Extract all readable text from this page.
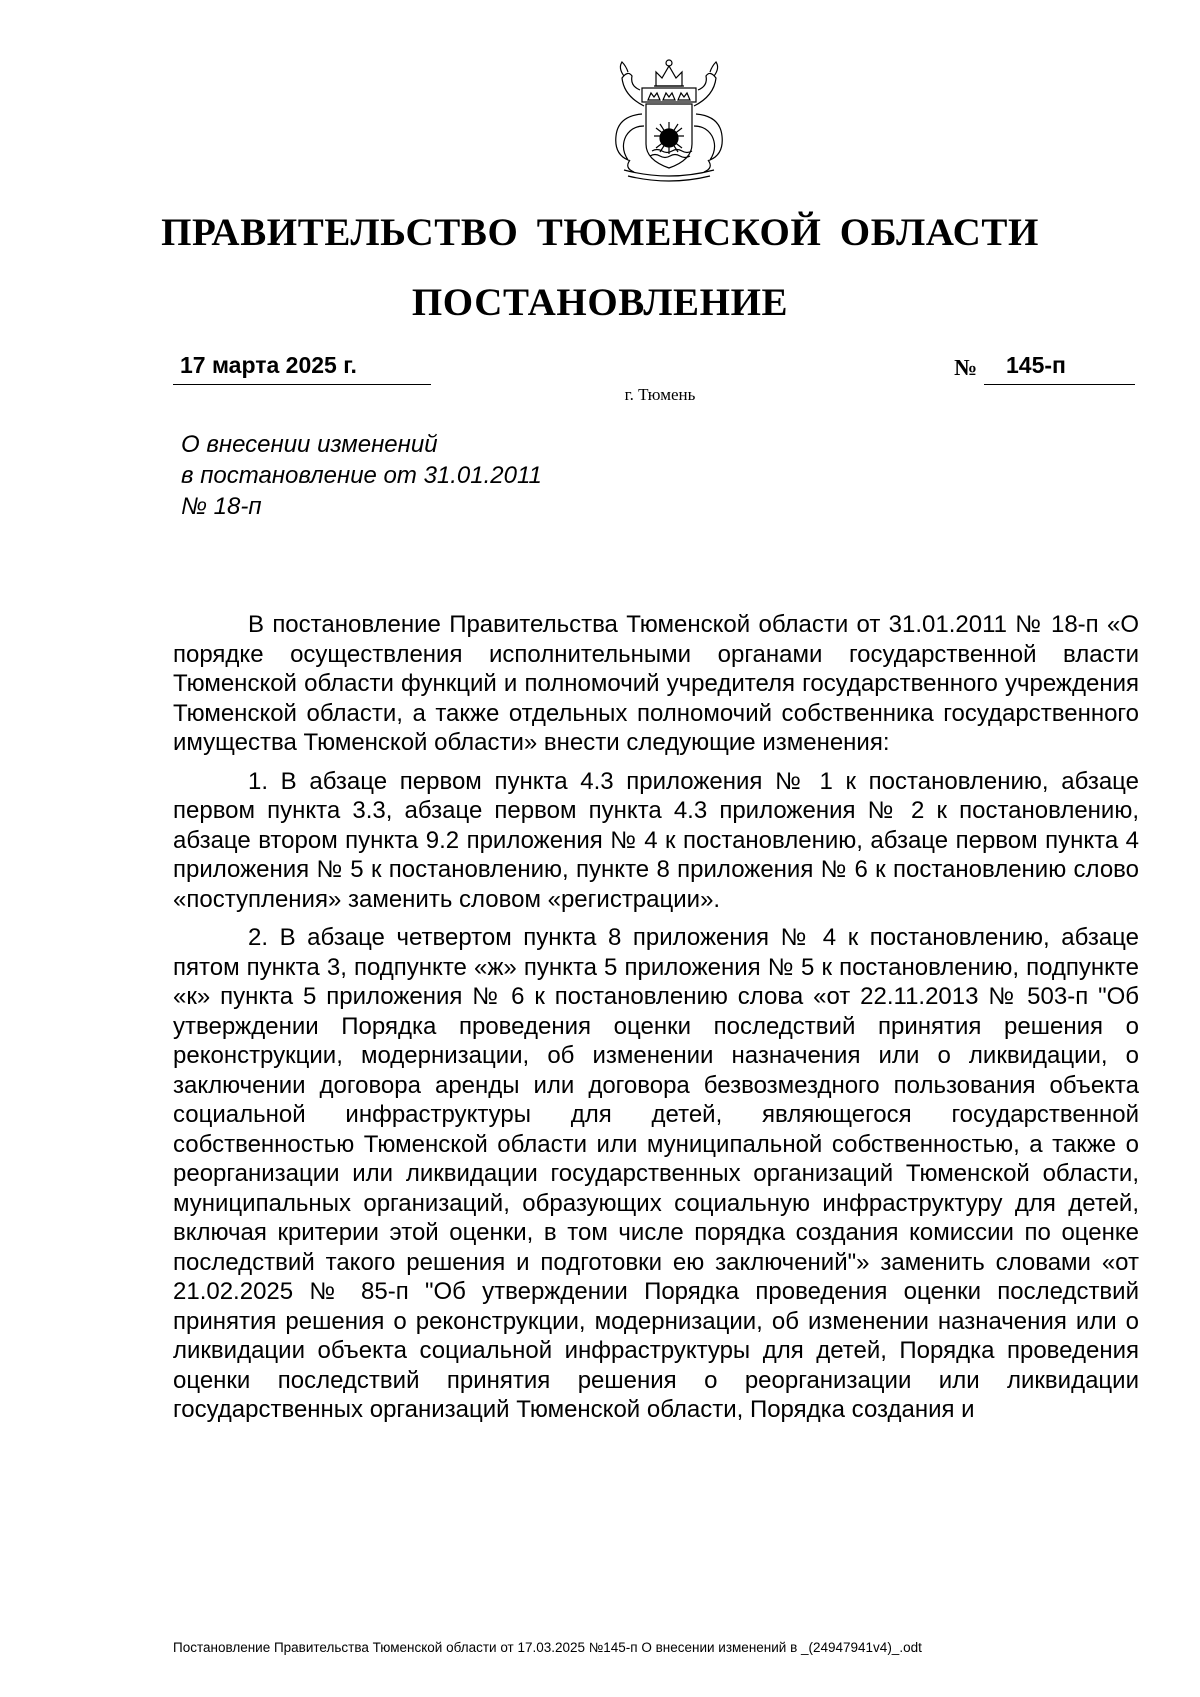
ПРАВИТЕЛЬСТВО ТЮМЕНСКОЙ ОБЛАСТИ
ПОСТАНОВЛЕНИЕ
17 марта 2025 г.	№ 145-п
г. Тюмень
О внесении изменений
в постановление от 31.01.2011
№ 18-п

В постановление Правительства Тюменской области от 31.01.2011 № 18-п «О порядке осуществления исполнительными органами государственной власти Тюменской области функций и полномочий учредителя государственного учреждения Тюменской области, а также отдельных полномочий собственника государственного имущества Тюменской области» внести следующие изменения:

1. В абзаце первом пункта 4.3 приложения № 1 к постановлению, абзаце первом пункта 3.3, абзаце первом пункта 4.3 приложения № 2 к постановлению, абзаце втором пункта 9.2 приложения № 4 к постановлению, абзаце первом пункта 4 приложения № 5 к постановлению, пункте 8 приложения № 6 к постановлению слово «поступления» заменить словом «регистрации».

2. В абзаце четвертом пункта 8 приложения № 4 к постановлению, абзаце пятом пункта 3, подпункте «ж» пункта 5 приложения № 5 к постановлению, подпункте «к» пункта 5 приложения № 6 к постановлению слова «от 22.11.2013 № 503-п "Об утверждении Порядка проведения оценки последствий принятия решения о реконструкции, модернизации, об изменении назначения или о ликвидации, о заключении договора аренды или договора безвозмездного пользования объекта социальной инфраструктуры для детей, являющегося государственной собственностью Тюменской области или муниципальной собственностью, а также о реорганизации или ликвидации государственных организаций Тюменской области, муниципальных организаций, образующих социальную инфраструктуру для детей, включая критерии этой оценки, в том числе порядка создания комиссии по оценке последствий такого решения и подготовки ею заключений"» заменить словами «от 21.02.2025 № 85-п "Об утверждении Порядка проведения оценки последствий принятия решения о реконструкции, модернизации, об изменении назначения или о ликвидации объекта социальной инфраструктуры для детей, Порядка проведения оценки последствий принятия решения о реорганизации или ликвидации государственных организаций Тюменской области, Порядка создания и

Постановление Правительства Тюменской области от 17.03.2025 №145-п О внесении изменений в _(24947941v4)_.odt
